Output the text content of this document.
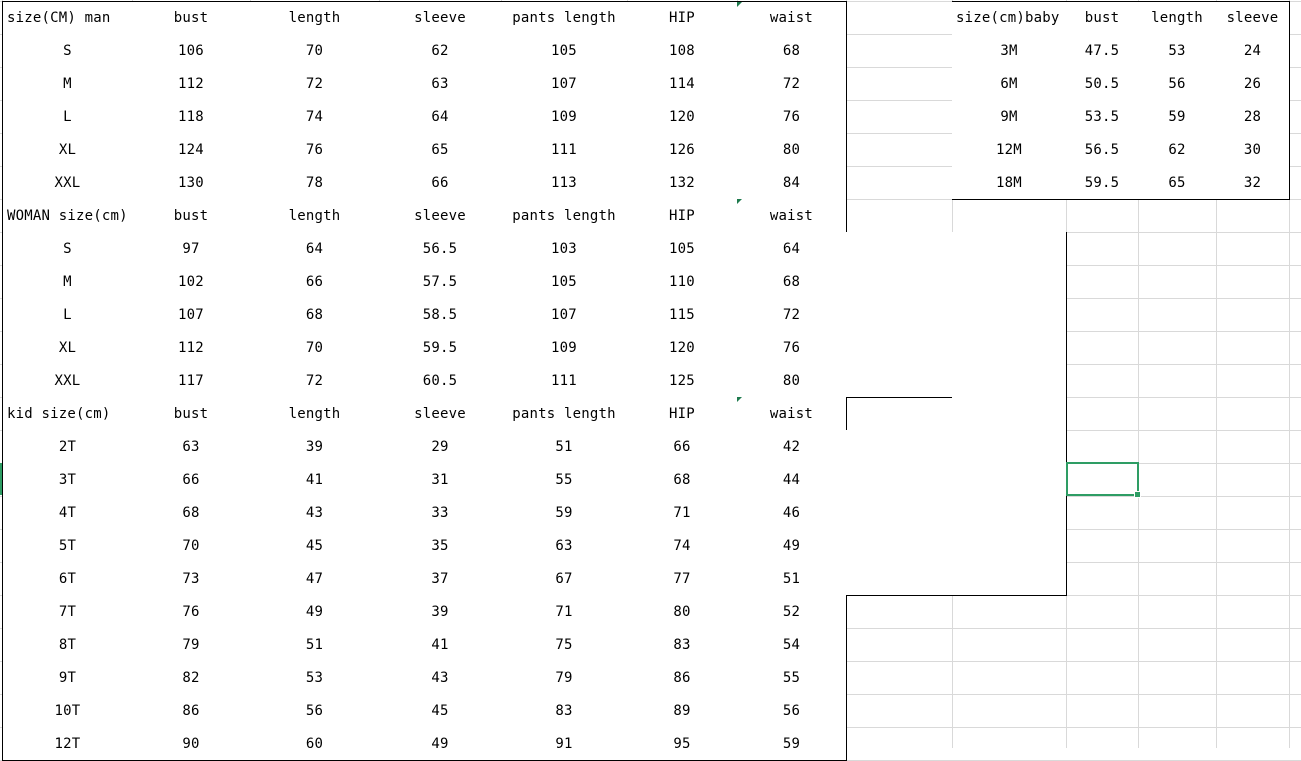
size(CM) man	bust	length	sleeve	pants length	HIP	waist
S	106	70	62	105	108	68
M	112	72	63	107	114	72
L	118	74	64	109	120	76
XL	124	76	65	111	126	80
XXL	130	78	66	113	132	84
WOMAN size(cm)	bust	length	sleeve	pants length	HIP	waist
S	97	64	56.5	103	105	64
M	102	66	57.5	105	110	68
L	107	68	58.5	107	115	72
XL	112	70	59.5	109	120	76
XXL	117	72	60.5	111	125	80
kid size(cm)	bust	length	sleeve	pants length	HIP	waist
2T	63	39	29	51	66	42
3T	66	41	31	55	68	44
4T	68	43	33	59	71	46
5T	70	45	35	63	74	49
6T	73	47	37	67	77	51
7T	76	49	39	71	80	52
8T	79	51	41	75	83	54
9T	82	53	43	79	86	55
10T	86	56	45	83	89	56
12T	90	60	49	91	95	59
size(cm)baby	bust	length	sleeve
3M	47.5	53	24
6M	50.5	56	26
9M	53.5	59	28
12M	56.5	62	30
18M	59.5	65	32
